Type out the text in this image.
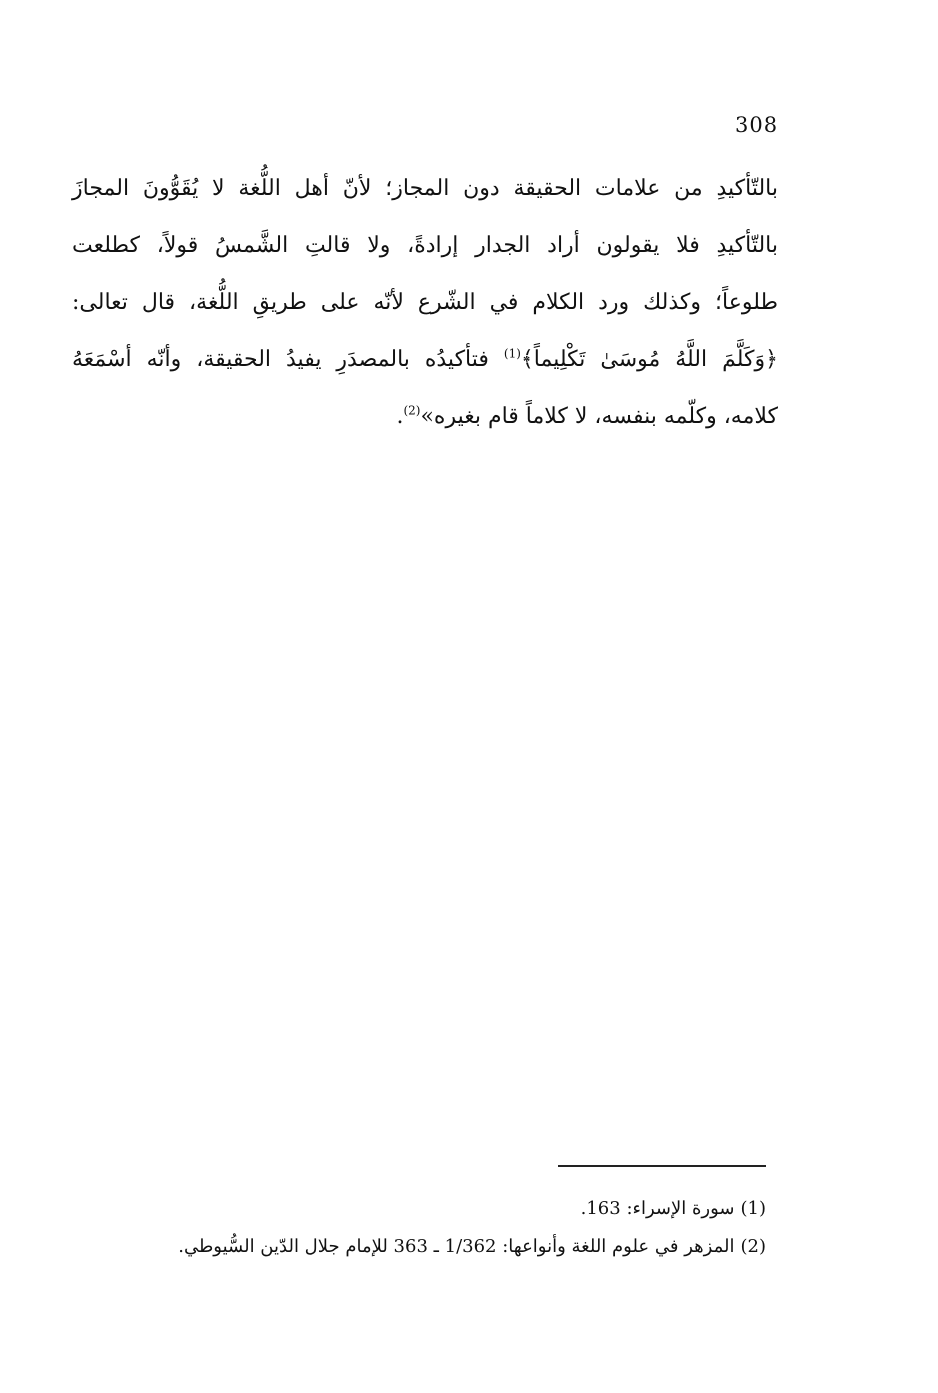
308
بالتّأكيدِ من علامات الحقيقة دون المجاز؛ لأنّ أهل اللُّغة لا يُقَوُّونَ المجازَ
بالتّأكيدِ فلا يقولون أراد الجدار إرادةً، ولا قالتِ الشَّمسُ قولاً، كطلعت
طلوعاً؛ وكذلك ورد الكلام في الشّرع لأنّه على طريقِ اللُّغة، قال تعالى:
﴿وَكَلَّمَ اللَّهُ مُوسَىٰ تَكْلِيماً﴾$^{(1)}$ فتأكيدُه بالمصدَرِ يفيدُ الحقيقة، وأنّه أسْمَعَهُ
كلامه، وكلّمه بنفسه، لا كلاماً قام بغيره»$^{(2)}$.
(1)سورة الإسراء: 163.
(2)المزهر في علوم اللغة وأنواعها: 1/362 ـ 363 للإمام جلال الدّين السُّيوطي.
